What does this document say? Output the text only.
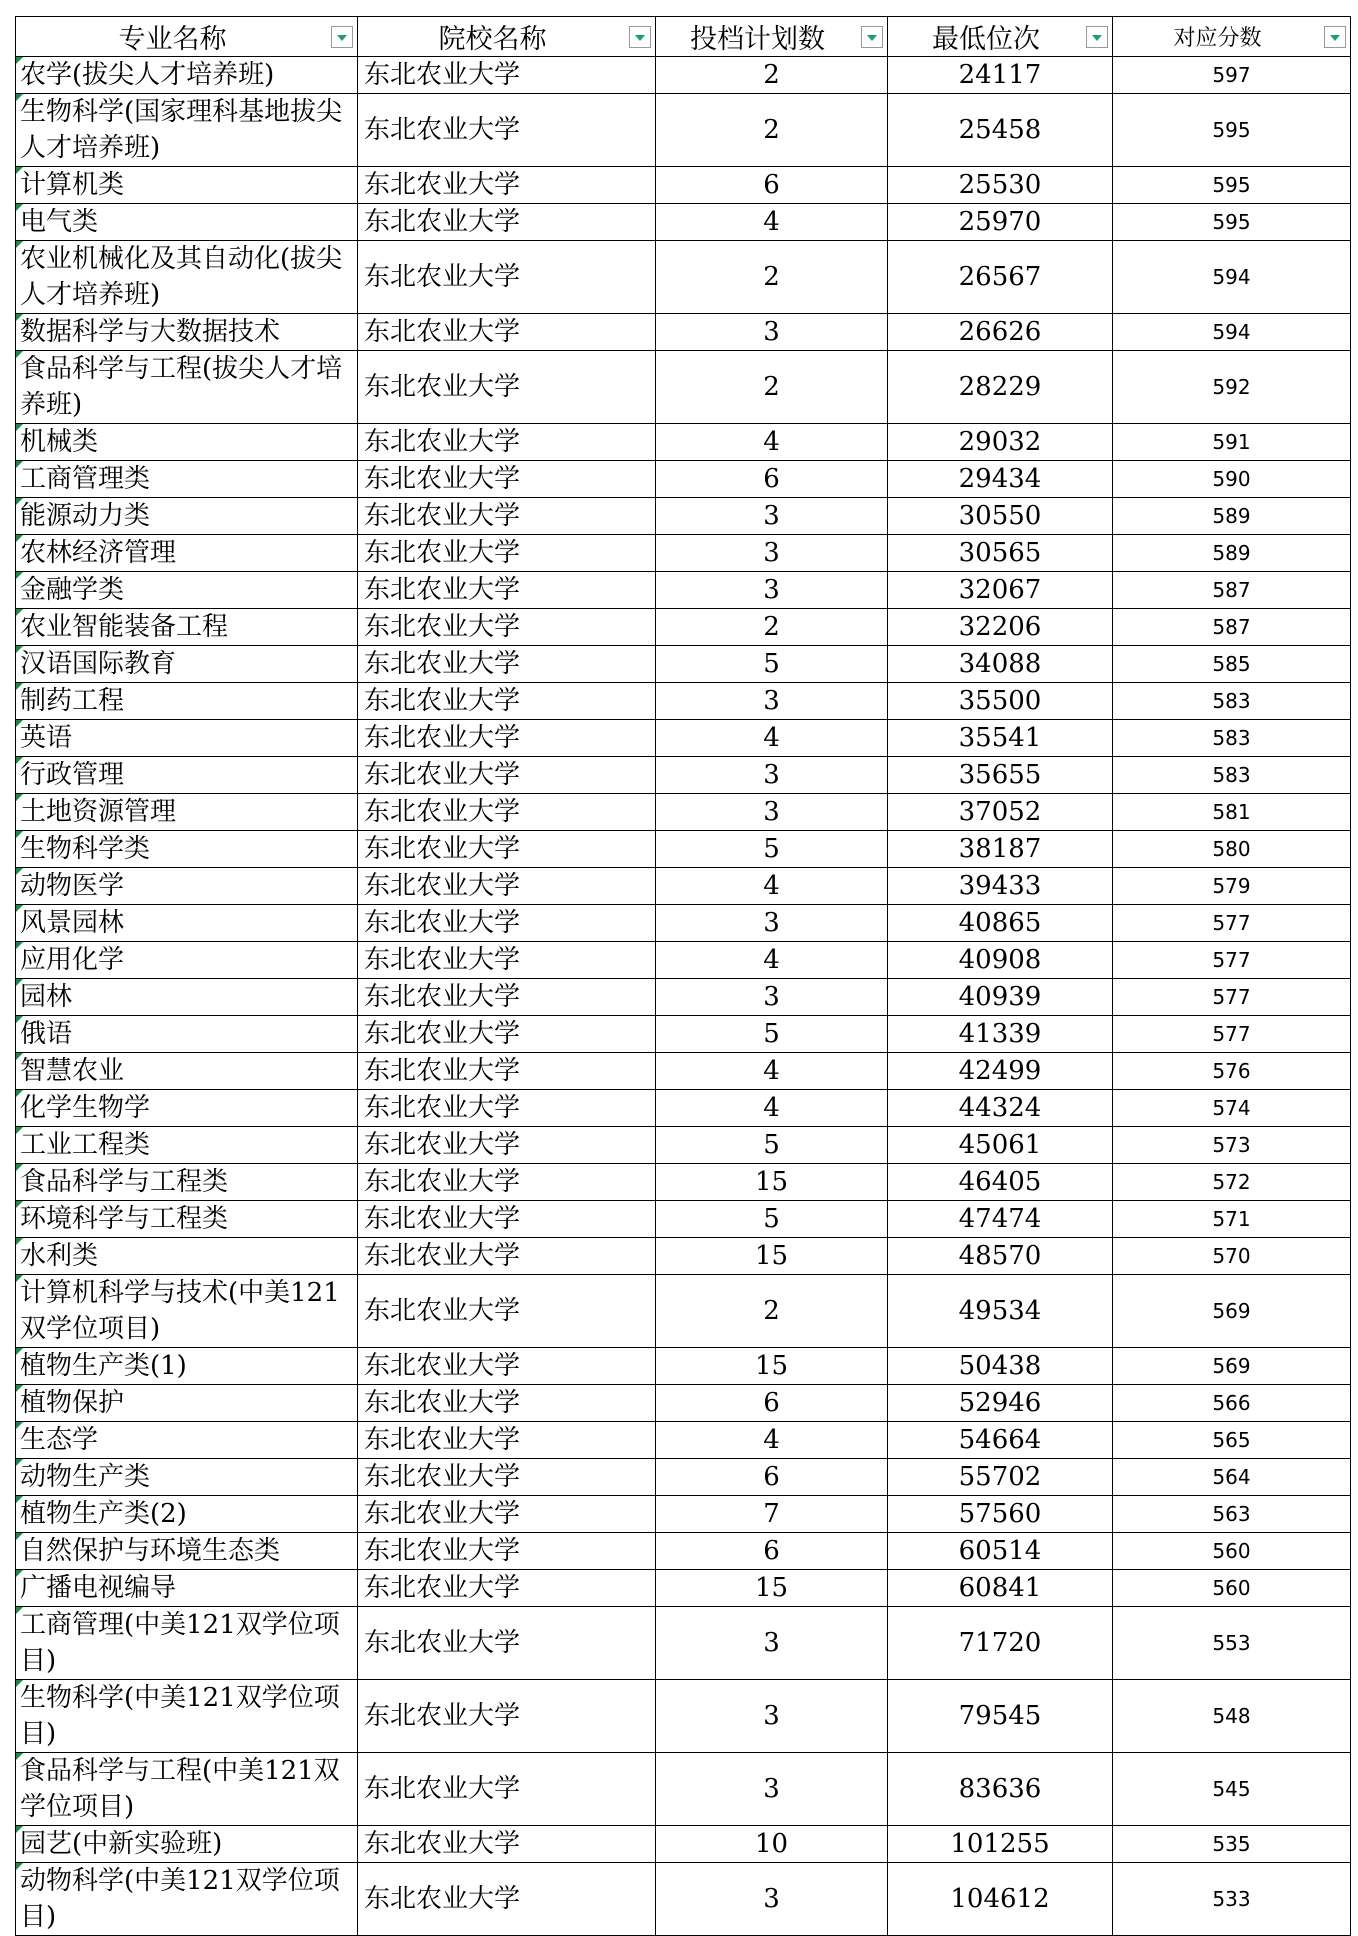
专业名称	院校名称	投档计划数	最低位次	对应分数

农学(拔尖人才培养班)	东北农业大学	2	24117	597
生物科学(国家理科基地拔尖人才培养班)	东北农业大学	2	25458	595
计算机类	东北农业大学	6	25530	595
电气类	东北农业大学	4	25970	595
农业机械化及其自动化(拔尖人才培养班)	东北农业大学	2	26567	594
数据科学与大数据技术	东北农业大学	3	26626	594
食品科学与工程(拔尖人才培养班)	东北农业大学	2	28229	592
机械类	东北农业大学	4	29032	591
工商管理类	东北农业大学	6	29434	590
能源动力类	东北农业大学	3	30550	589
农林经济管理	东北农业大学	3	30565	589
金融学类	东北农业大学	3	32067	587
农业智能装备工程	东北农业大学	2	32206	587
汉语国际教育	东北农业大学	5	34088	585
制药工程	东北农业大学	3	35500	583
英语	东北农业大学	4	35541	583
行政管理	东北农业大学	3	35655	583
土地资源管理	东北农业大学	3	37052	581
生物科学类	东北农业大学	5	38187	580
动物医学	东北农业大学	4	39433	579
风景园林	东北农业大学	3	40865	577
应用化学	东北农业大学	4	40908	577
园林	东北农业大学	3	40939	577
俄语	东北农业大学	5	41339	577
智慧农业	东北农业大学	4	42499	576
化学生物学	东北农业大学	4	44324	574
工业工程类	东北农业大学	5	45061	573
食品科学与工程类	东北农业大学	15	46405	572
环境科学与工程类	东北农业大学	5	47474	571
水利类	东北农业大学	15	48570	570
计算机科学与技术(中美121双学位项目)	东北农业大学	2	49534	569
植物生产类(1)	东北农业大学	15	50438	569
植物保护	东北农业大学	6	52946	566
生态学	东北农业大学	4	54664	565
动物生产类	东北农业大学	6	55702	564
植物生产类(2)	东北农业大学	7	57560	563
自然保护与环境生态类	东北农业大学	6	60514	560
广播电视编导	东北农业大学	15	60841	560
工商管理(中美121双学位项目)	东北农业大学	3	71720	553
生物科学(中美121双学位项目)	东北农业大学	3	79545	548
食品科学与工程(中美121双学位项目)	东北农业大学	3	83636	545
园艺(中新实验班)	东北农业大学	10	101255	535
动物科学(中美121双学位项目)	东北农业大学	3	104612	533
